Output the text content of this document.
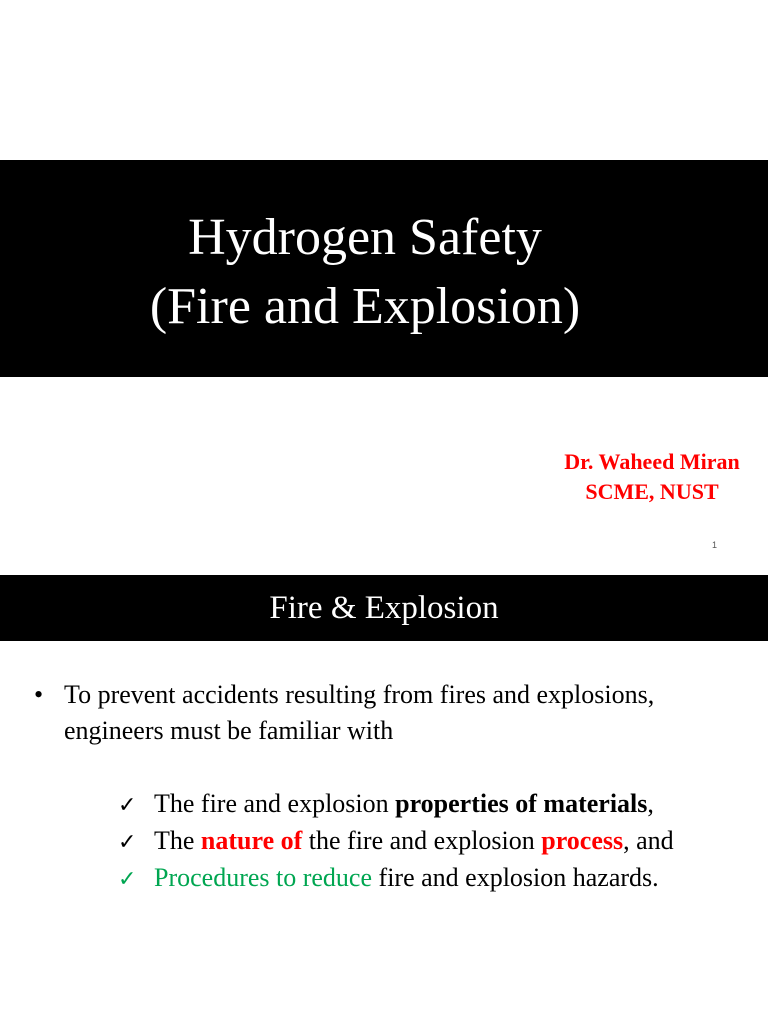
Hydrogen Safety
(Fire and Explosion)
Dr. Waheed Miran
SCME, NUST
1
Fire & Explosion
• To prevent accidents resulting from fires and explosions, engineers must be familiar with
✓ The fire and explosion properties of materials,
✓ The nature of the fire and explosion process, and
✓ Procedures to reduce fire and explosion hazards.
